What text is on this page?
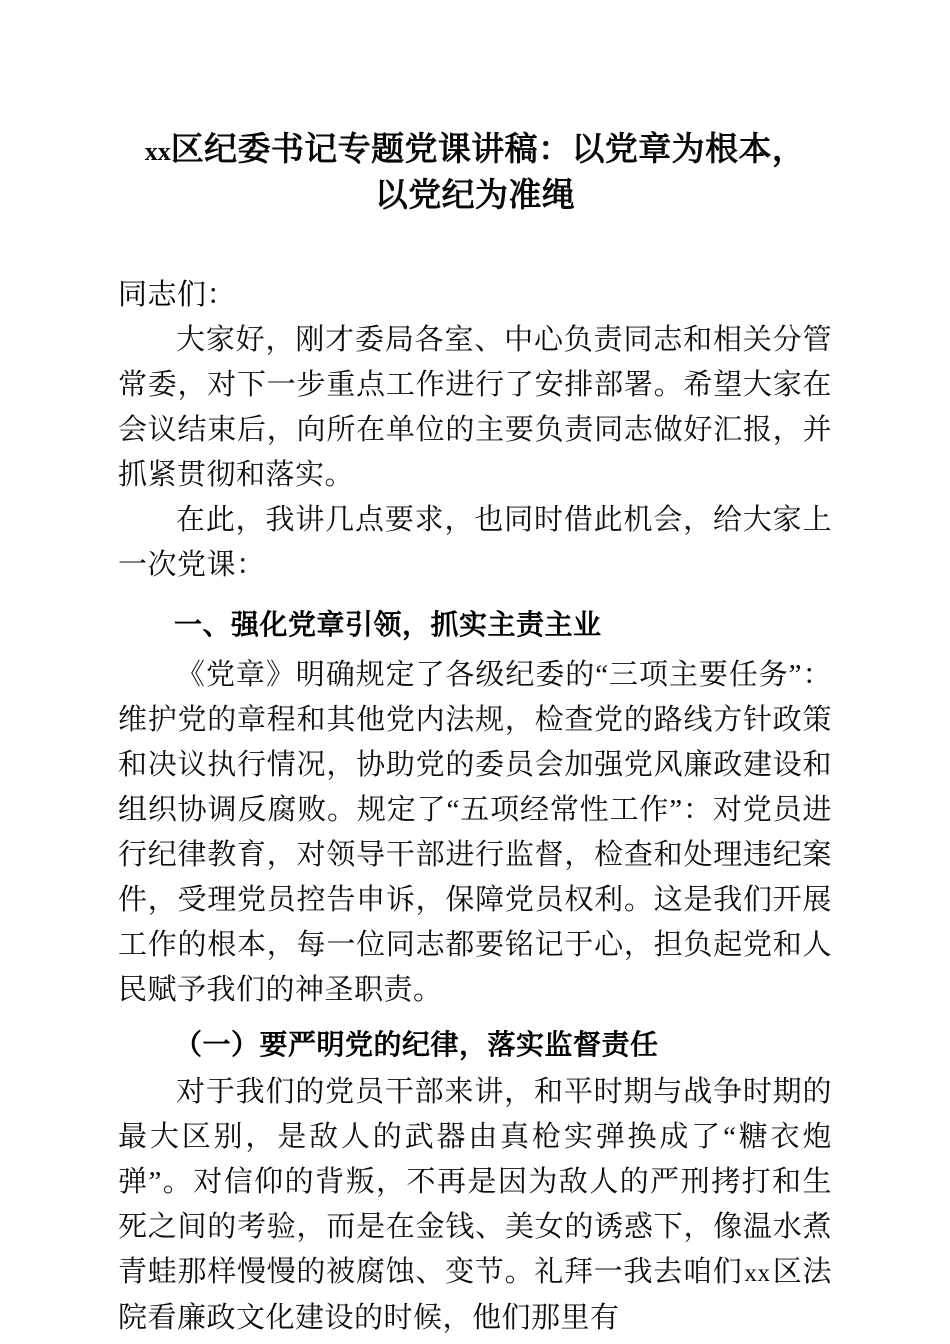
xx区纪委书记专题党课讲稿：以党章为根本，
以党纪为准绳

同志们：

大家好，刚才委局各室、中心负责同志和相关分管常委，对下一步重点工作进行了安排部署。希望大家在会议结束后，向所在单位的主要负责同志做好汇报，并抓紧贯彻和落实。

在此，我讲几点要求，也同时借此机会，给大家上一次党课：

一、强化党章引领，抓实主责主业

《党章》明确规定了各级纪委的“三项主要任务”：维护党的章程和其他党内法规，检查党的路线方针政策和决议执行情况，协助党的委员会加强党风廉政建设和组织协调反腐败。规定了“五项经常性工作”：对党员进行纪律教育，对领导干部进行监督，检查和处理违纪案件，受理党员控告申诉，保障党员权利。这是我们开展工作的根本，每一位同志都要铭记于心，担负起党和人民赋予我们的神圣职责。

（一）要严明党的纪律，落实监督责任

对于我们的党员干部来讲，和平时期与战争时期的最大区别，是敌人的武器由真枪实弹换成了“糖衣炮弹”。对信仰的背叛，不再是因为敌人的严刑拷打和生死之间的考验，而是在金钱、美女的诱惑下，像温水煮青蛙那样慢慢的被腐蚀、变节。礼拜一我去咱们xx区法院看廉政文化建设的时候，他们那里有
